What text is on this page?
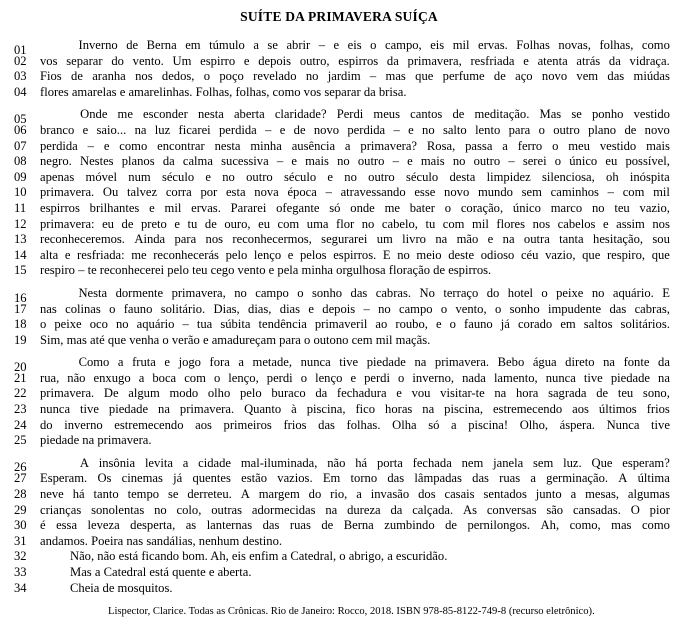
SUÍTE DA PRIMAVERA SUÍÇA
01	Inverno de Berna em túmulo a se abrir – e eis o campo, eis mil ervas. Folhas novas, folhas, como
02	vos separar do vento. Um espirro e depois outro, espirros da primavera, resfriada e atenta atrás da vidraça.
03	Fios de aranha nos dedos, o poço revelado no jardim – mas que perfume de aço novo vem das miúdas
04	flores amarelas e amarelinhas. Folhas, folhas, como vos separar da brisa.
05	Onde me esconder nesta aberta claridade? Perdi meus cantos de meditação. Mas se ponho vestido
06	branco e saio... na luz ficarei perdida – e de novo perdida – e no salto lento para o outro plano de novo
07	perdida – e como encontrar nesta minha ausência a primavera? Rosa, passa a ferro o meu vestido mais
08	negro. Nestes planos da calma sucessiva – e mais no outro – e mais no outro – serei o único eu possível,
09	apenas móvel num século e no outro século e no outro século desta limpidez silenciosa, oh inóspita
10	primavera. Ou talvez corra por esta nova época – atravessando esse novo mundo sem caminhos – com mil
11	espirros brilhantes e mil ervas. Pararei ofegante só onde me bater o coração, único marco no teu vazio,
12	primavera: eu de preto e tu de ouro, eu com uma flor no cabelo, tu com mil flores nos cabelos e assim nos
13	reconheceremos. Ainda para nos reconhecermos, segurarei um livro na mão e na outra tanta hesitação, sou
14	alta e resfriada: me reconhecerás pelo lenço e pelos espirros. E no meio deste odioso céu vazio, que respiro, que
15	respiro – te reconhecerei pelo teu cego vento e pela minha orgulhosa floração de espirros.
16	Nesta dormente primavera, no campo o sonho das cabras. No terraço do hotel o peixe no aquário. E
17	nas colinas o fauno solitário. Dias, dias, dias e depois – no campo o vento, o sonho impudente das cabras,
18	o peixe oco no aquário – tua súbita tendência primaveril ao roubo, e o fauno já corado em saltos solitários.
19	Sim, mas até que venha o verão e amadureçam para o outono cem mil maçãs.
20	Como a fruta e jogo fora a metade, nunca tive piedade na primavera. Bebo água direto na fonte da
21	rua, não enxugo a boca com o lenço, perdi o lenço e perdi o inverno, nada lamento, nunca tive piedade na
22	primavera. De algum modo olho pelo buraco da fechadura e vou visitar-te na hora sagrada de teu sono,
23	nunca tive piedade na primavera. Quanto à piscina, fico horas na piscina, estremecendo aos últimos frios
24	do inverno estremecendo aos primeiros frios das folhas. Olha só a piscina! Olho, áspera. Nunca tive
25	piedade na primavera.
26	A insônia levita a cidade mal-iluminada, não há porta fechada nem janela sem luz. Que esperam?
27	Esperam. Os cinemas já quentes estão vazios. Em torno das lâmpadas das ruas a germinação. A última
28	neve há tanto tempo se derreteu. A margem do rio, a invasão dos casais sentados junto a mesas, algumas
29	crianças sonolentas no colo, outras adormecidas na dureza da calçada. As conversas são cansadas. O pior
30	é essa leveza desperta, as lanternas das ruas de Berna zumbindo de pernilongos. Ah, como, mas como
31	andamos. Poeira nas sandálias, nenhum destino.
32	Não, não está ficando bom. Ah, eis enfim a Catedral, o abrigo, a escuridão.
33	Mas a Catedral está quente e aberta.
34	Cheia de mosquitos.
Lispector, Clarice. Todas as Crônicas. Rio de Janeiro: Rocco, 2018. ISBN 978-85-8122-749-8 (recurso eletrônico).
